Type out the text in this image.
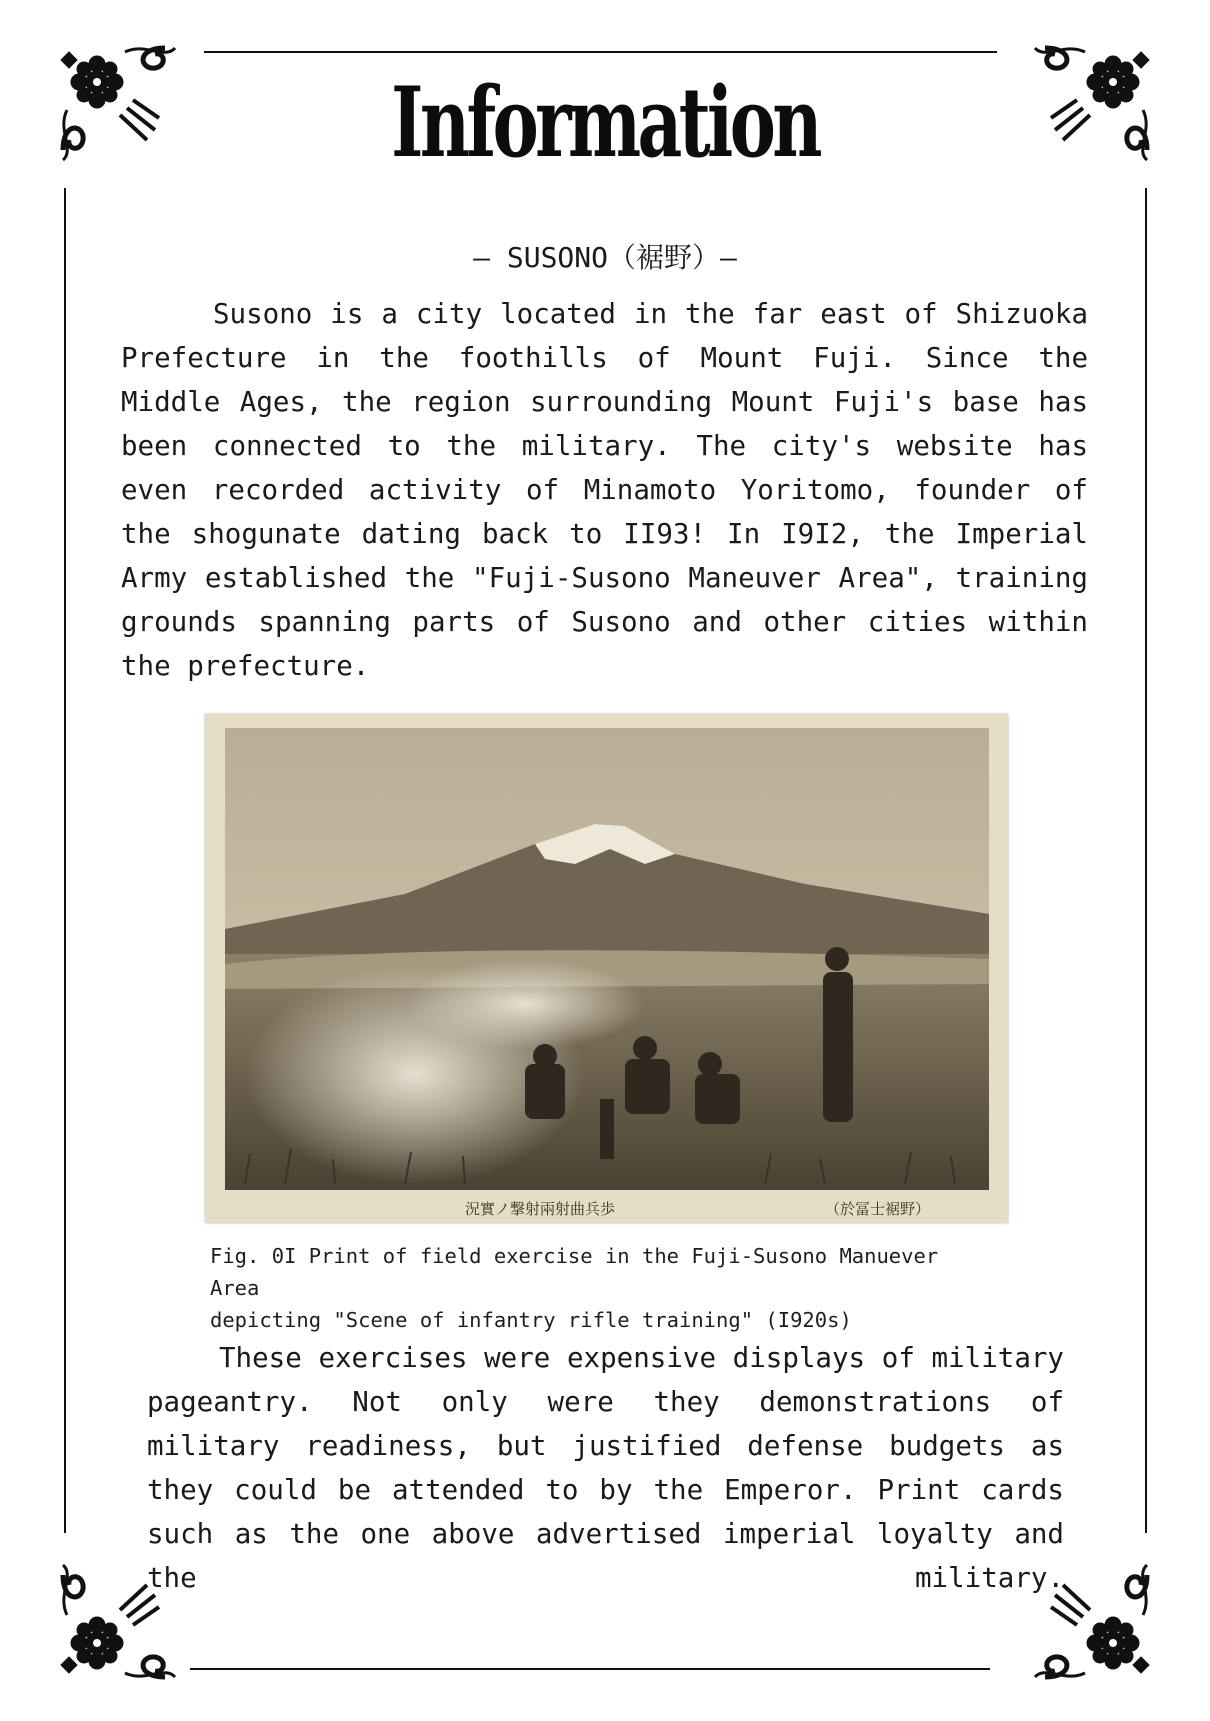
Information
— SUSONO（裾野）—

Susono is a city located in the far east of Shizuoka Prefecture in the foothills of Mount Fuji. Since the Middle Ages, the region surrounding Mount Fuji's base has been connected to the military. The city's website has even recorded activity of Minamoto Yoritomo, founder of the shogunate dating back to II93! In I9I2, the Imperial Army established the "Fuji-Susono Maneuver Area", training grounds spanning parts of Susono and other cities within the prefecture.

況實ノ撃射兩射曲兵歩	（於冨士裾野）
Fig. 0I Print of field exercise in the Fuji-Susono Manuever Area
depicting "Scene of infantry rifle training" (I920s)

These exercises were expensive displays of military pageantry. Not only were they demonstrations of military readiness, but justified defense budgets as they could be attended to by the Emperor. Print cards such as the one above advertised imperial loyalty and the military.
